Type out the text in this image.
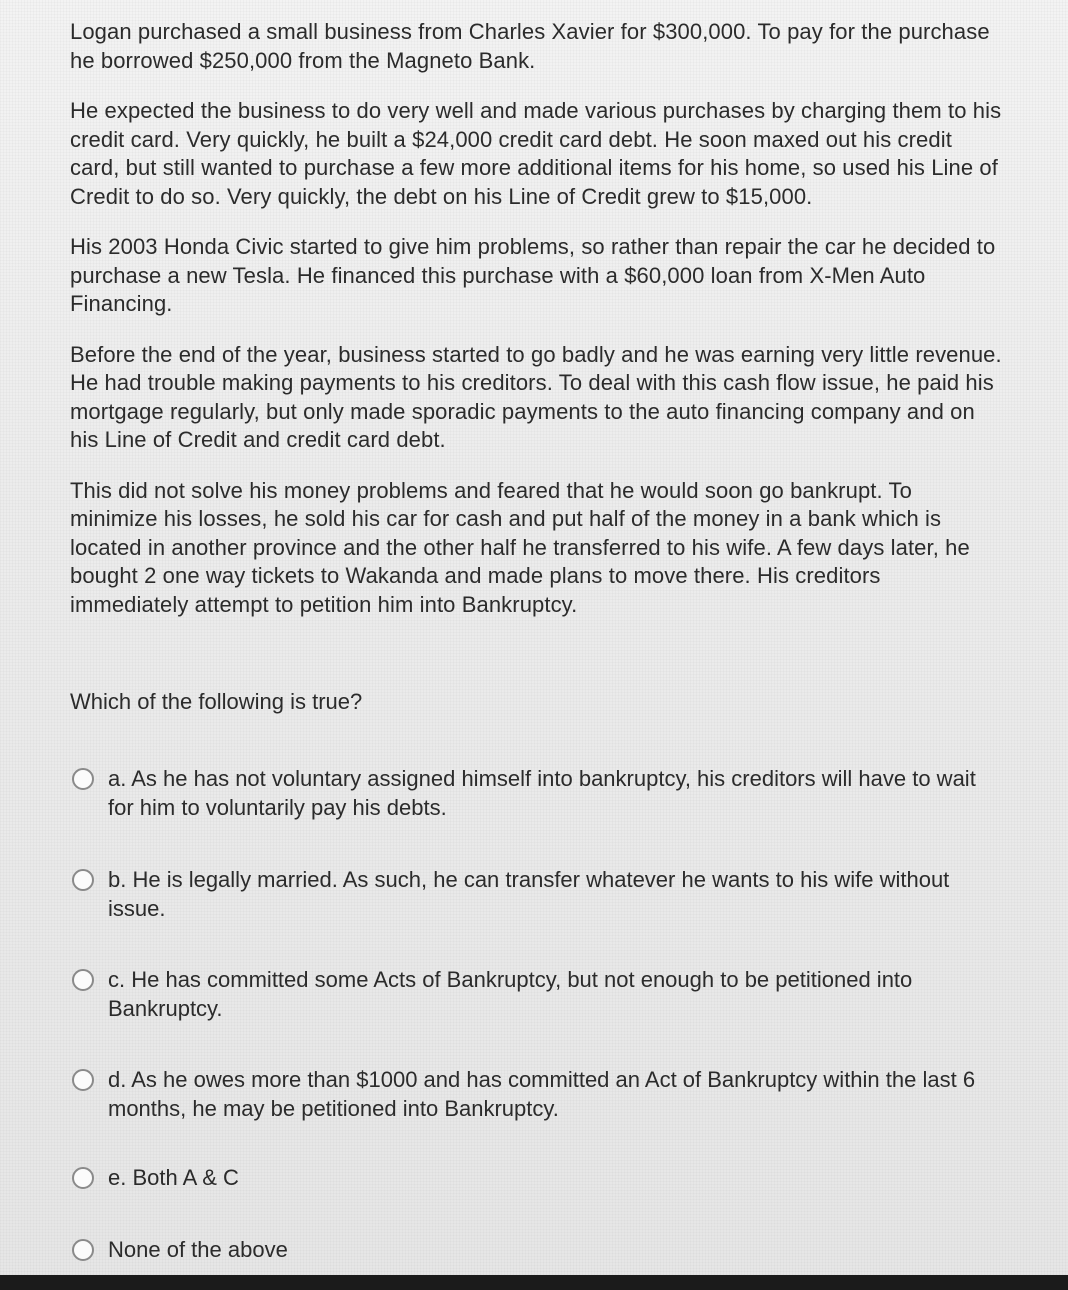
Logan purchased a small business from Charles Xavier for $300,000. To pay for the purchase he borrowed $250,000 from the Magneto Bank.

He expected the business to do very well and made various purchases by charging them to his credit card. Very quickly, he built a $24,000 credit card debt. He soon maxed out his credit card, but still wanted to purchase a few more additional items for his home, so used his Line of Credit to do so. Very quickly, the debt on his Line of Credit grew to $15,000.

His 2003 Honda Civic started to give him problems, so rather than repair the car he decided to purchase a new Tesla. He financed this purchase with a $60,000 loan from X-Men Auto Financing.

Before the end of the year, business started to go badly and he was earning very little revenue. He had trouble making payments to his creditors. To deal with this cash flow issue, he paid his mortgage regularly, but only made sporadic payments to the auto financing company and on his Line of Credit and credit card debt.

This did not solve his money problems and feared that he would soon go bankrupt. To minimize his losses, he sold his car for cash and put half of the money in a bank which is located in another province and the other half he transferred to his wife. A few days later, he bought 2 one way tickets to Wakanda and made plans to move there. His creditors immediately attempt to petition him into Bankruptcy.

Which of the following is true?

a. As he has not voluntary assigned himself into bankruptcy, his creditors will have to wait for him to voluntarily pay his debts.
b. He is legally married. As such, he can transfer whatever he wants to his wife without issue.
c. He has committed some Acts of Bankruptcy, but not enough to be petitioned into Bankruptcy.
d. As he owes more than $1000 and has committed an Act of Bankruptcy within the last 6 months, he may be petitioned into Bankruptcy.
e. Both A & C
None of the above
